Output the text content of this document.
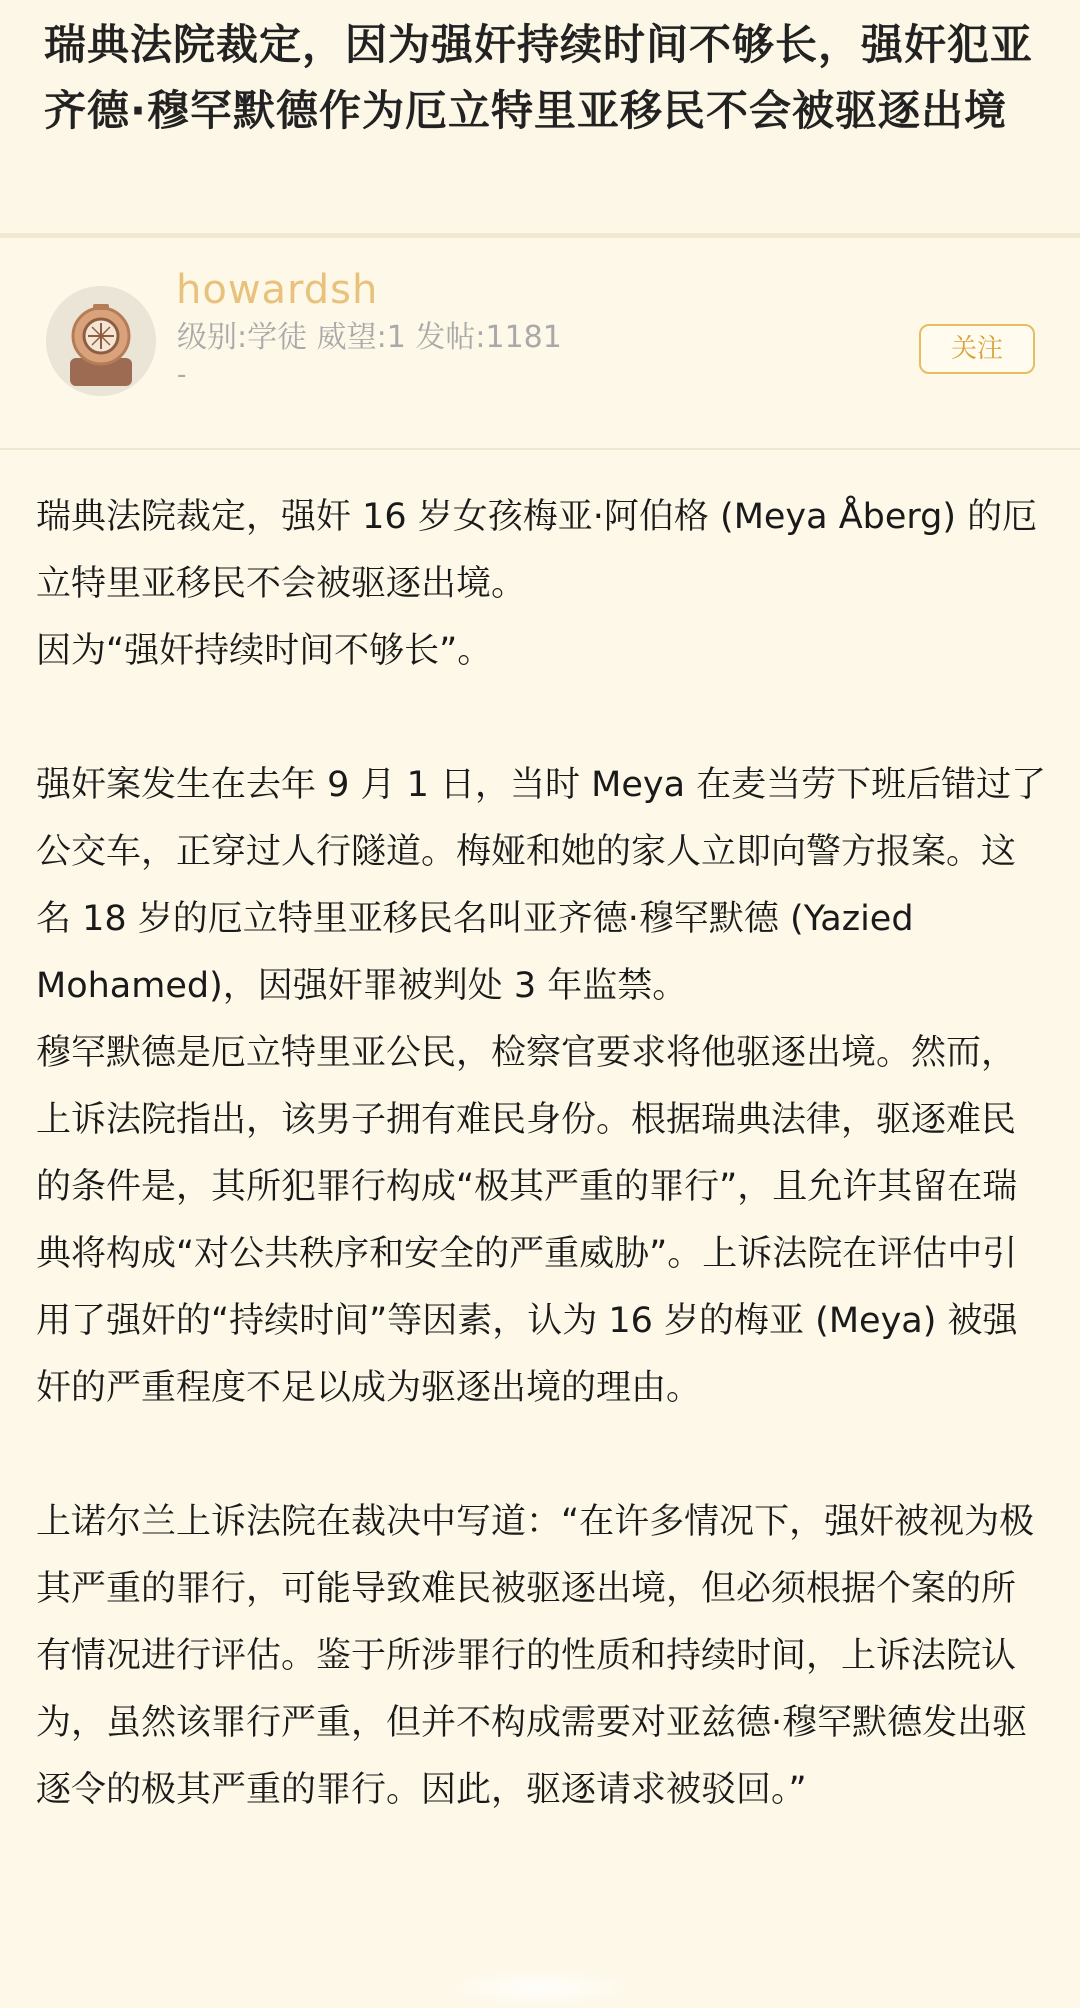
瑞典法院裁定，因为强奸持续时间不够长，强奸犯亚齐德·穆罕默德作为厄立特里亚移民不会被驱逐出境
howardsh
级别:学徒 威望:1 发帖:1181
-
关注

瑞典法院裁定，强奸 16 岁女孩梅亚·阿伯格 (Meya Åberg) 的厄立特里亚移民不会被驱逐出境。
因为“强奸持续时间不够长”。

强奸案发生在去年 9 月 1 日，当时 Meya 在麦当劳下班后错过了公交车，正穿过人行隧道。梅娅和她的家人立即向警方报案。这名 18 岁的厄立特里亚移民名叫亚齐德·穆罕默德 (Yazied Mohamed)，因强奸罪被判处 3 年监禁。
穆罕默德是厄立特里亚公民，检察官要求将他驱逐出境。然而，上诉法院指出，该男子拥有难民身份。根据瑞典法律，驱逐难民的条件是，其所犯罪行构成“极其严重的罪行”，且允许其留在瑞典将构成“对公共秩序和安全的严重威胁”。上诉法院在评估中引用了强奸的“持续时间”等因素，认为 16 岁的梅亚 (Meya) 被强奸的严重程度不足以成为驱逐出境的理由。

上诺尔兰上诉法院在裁决中写道：“在许多情况下，强奸被视为极其严重的罪行，可能导致难民被驱逐出境，但必须根据个案的所有情况进行评估。鉴于所涉罪行的性质和持续时间，上诉法院认为，虽然该罪行严重，但并不构成需要对亚兹德·穆罕默德发出驱逐令的极其严重的罪行。因此，驱逐请求被驳回。”
